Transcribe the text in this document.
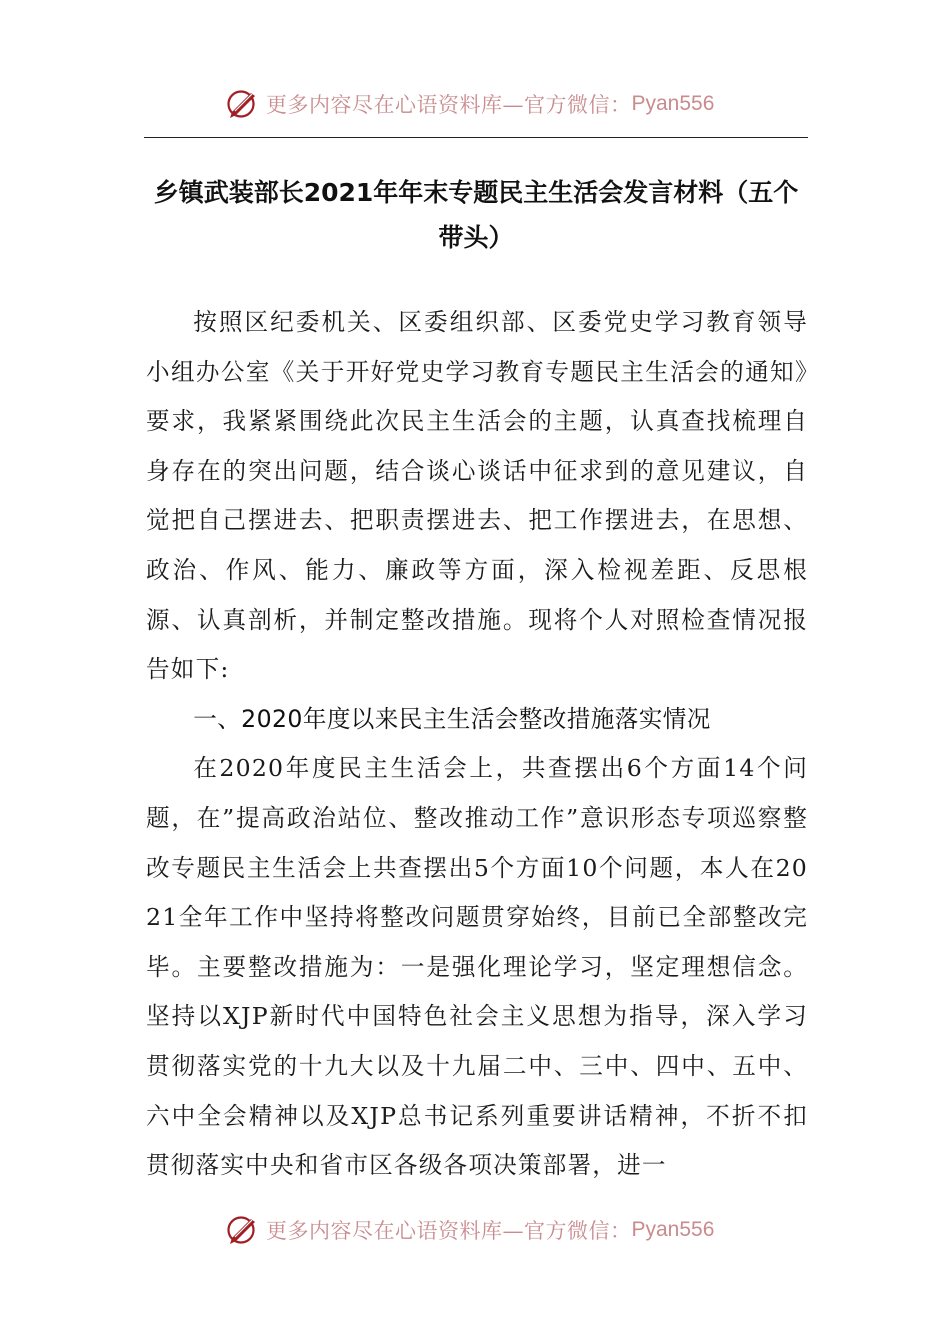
更多内容尽在心语资料库—官方微信： Pyan556
乡镇武装部长2021年年末专题民主生活会发言材料（五个带头）

按照区纪委机关、区委组织部、区委党史学习教育领导小组办公室《关于开好党史学习教育专题民主生活会的通知》要求，我紧紧围绕此次民主生活会的主题，认真查找梳理自身存在的突出问题，结合谈心谈话中征求到的意见建议，自觉把自己摆进去、把职责摆进去、把工作摆进去，在思想、政治、作风、能力、廉政等方面，深入检视差距、反思根源、认真剖析，并制定整改措施。现将个人对照检查情况报告如下:

一、2020年度以来民主生活会整改措施落实情况

在2020年度民主生活会上，共查摆出6个方面14个问题，在”提高政治站位、整改推动工作”意识形态专项巡察整改专题民主生活会上共查摆出5个方面10个问题，本人在2021全年工作中坚持将整改问题贯穿始终，目前已全部整改完毕。主要整改措施为：一是强化理论学习，坚定理想信念。坚持以XJP新时代中国特色社会主义思想为指导，深入学习贯彻落实党的十九大以及十九届二中、三中、四中、五中、六中全会精神以及XJP总书记系列重要讲话精神，不折不扣贯彻落实中央和省市区各级各项决策部署，进一

更多内容尽在心语资料库—官方微信： Pyan556
